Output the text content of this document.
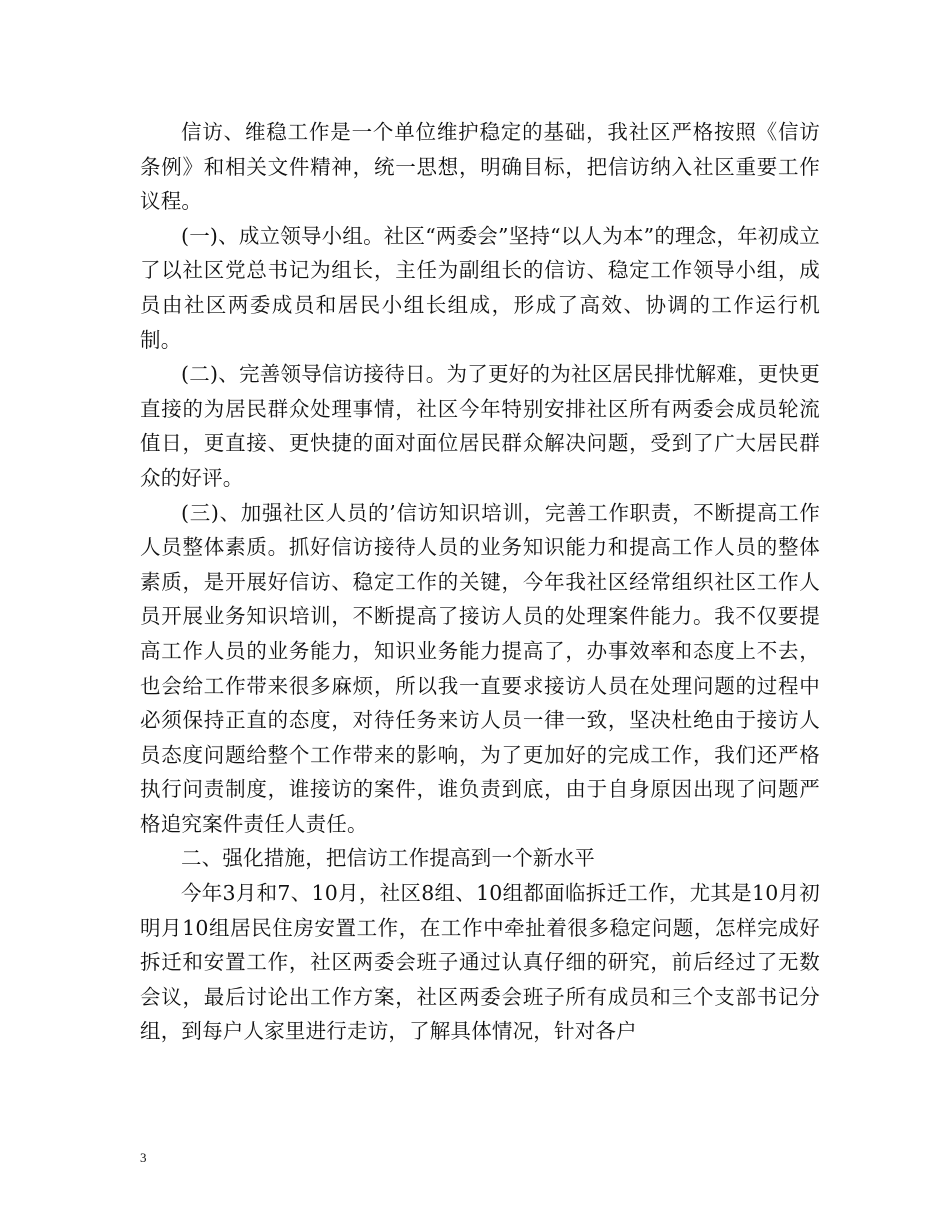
信访、维稳工作是一个单位维护稳定的基础，我社区严格按照《信访条例》和相关文件精神，统一思想，明确目标，把信访纳入社区重要工作议程。

(一)、成立领导小组。社区“两委会”坚持“以人为本”的理念，年初成立了以社区党总书记为组长，主任为副组长的信访、稳定工作领导小组，成员由社区两委成员和居民小组长组成，形成了高效、协调的工作运行机制。

(二)、完善领导信访接待日。为了更好的为社区居民排忧解难，更快更直接的为居民群众处理事情，社区今年特别安排社区所有两委会成员轮流值日，更直接、更快捷的面对面位居民群众解决问题，受到了广大居民群众的好评。

(三)、加强社区人员的’信访知识培训，完善工作职责，不断提高工作人员整体素质。抓好信访接待人员的业务知识能力和提高工作人员的整体素质，是开展好信访、稳定工作的关键，今年我社区经常组织社区工作人员开展业务知识培训，不断提高了接访人员的处理案件能力。我不仅要提高工作人员的业务能力，知识业务能力提高了，办事效率和态度上不去，也会给工作带来很多麻烦，所以我一直要求接访人员在处理问题的过程中必须保持正直的态度，对待任务来访人员一律一致，坚决杜绝由于接访人员态度问题给整个工作带来的影响，为了更加好的完成工作，我们还严格执行问责制度，谁接访的案件，谁负责到底，由于自身原因出现了问题严格追究案件责任人责任。

二、强化措施，把信访工作提高到一个新水平

今年3月和7、10月，社区8组、10组都面临拆迁工作，尤其是10月初明月10组居民住房安置工作，在工作中牵扯着很多稳定问题，怎样完成好拆迁和安置工作，社区两委会班子通过认真仔细的研究，前后经过了无数会议，最后讨论出工作方案，社区两委会班子所有成员和三个支部书记分组，到每户人家里进行走访，了解具体情况，针对各户

3
